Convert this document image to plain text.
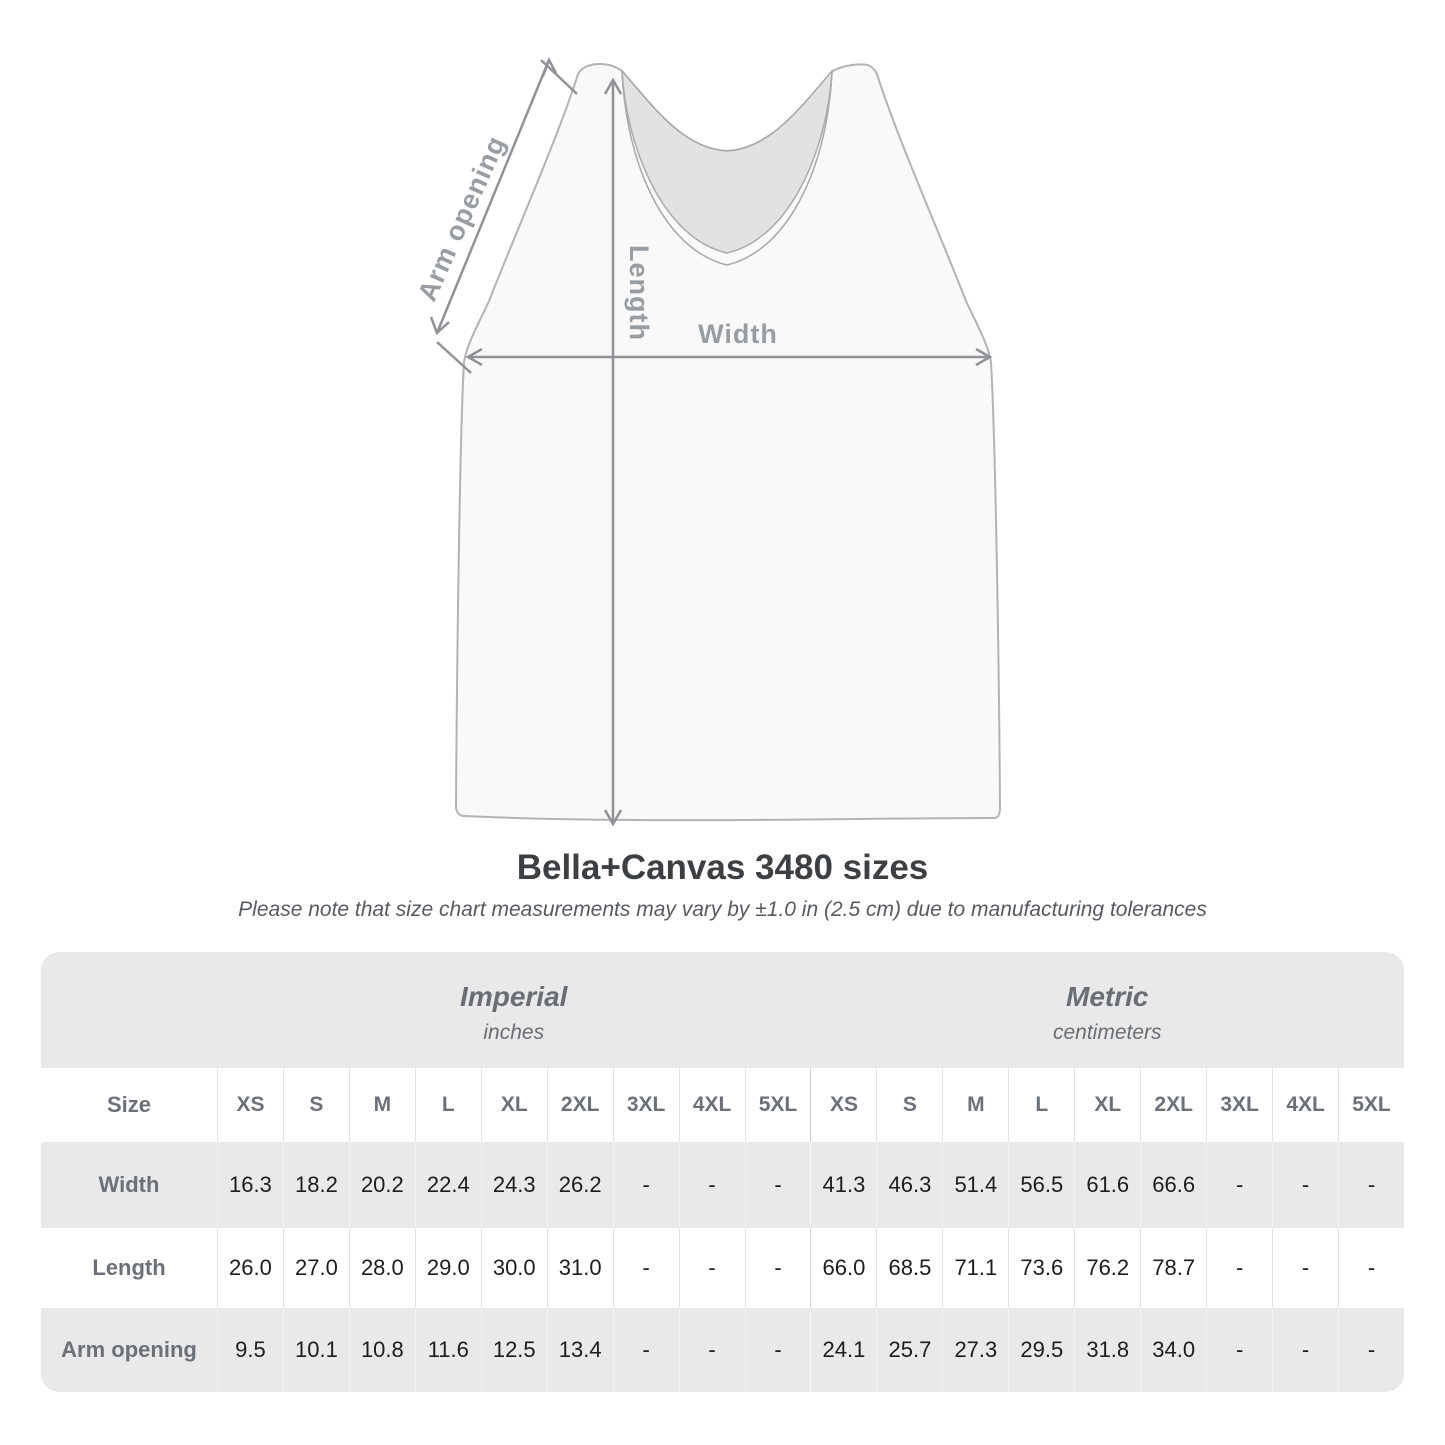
Arm opening	Length Width
Bella+Canvas 3480 sizes
Please note that size chart measurements may vary by ±1.0 in (2.5 cm) due to manufacturing tolerances
Imperial
inches
Metric
centimeters
Size	XS	S	M	L	XL	2XL	3XL	4XL	5XL	XS	S	M	L	XL	2XL	3XL	4XL	5XL
Width	16.3	18.2	20.2	22.4	24.3	26.2	-	-	-	41.3	46.3	51.4	56.5	61.6	66.6	-	-	-
Length	26.0	27.0	28.0	29.0	30.0	31.0	-	-	-	66.0	68.5	71.1	73.6	76.2	78.7	-	-	-
Arm opening	9.5	10.1	10.8	11.6	12.5	13.4	-	-	-	24.1	25.7	27.3	29.5	31.8	34.0	-	-	-
